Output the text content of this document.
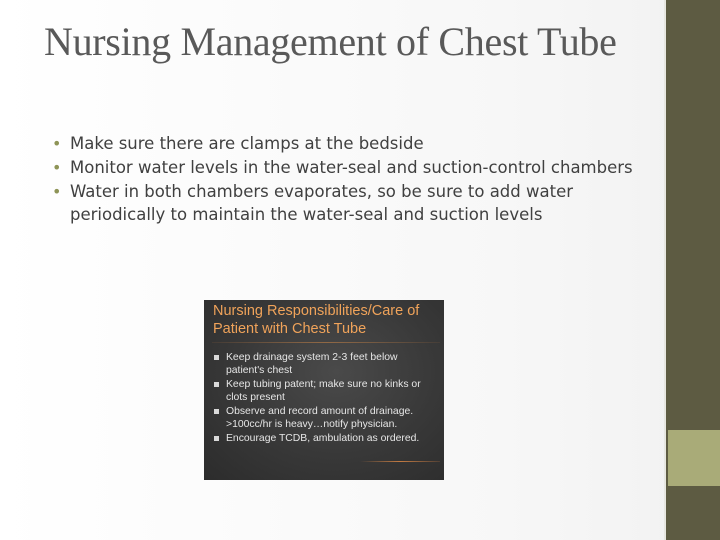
Nursing Management of Chest Tube
• Make sure there are clamps at the bedside
• Monitor water levels in the water-seal and suction-control chambers
• Water in both chambers evaporates, so be sure to add water periodically to maintain the water-seal and suction levels
Nursing Responsibilities/Care of Patient with Chest Tube
Keep drainage system 2-3 feet below patient's chest
Keep tubing patent; make sure no kinks or clots present
Observe and record amount of drainage. >100cc/hr is heavy…notify physician.
Encourage TCDB, ambulation as ordered.
